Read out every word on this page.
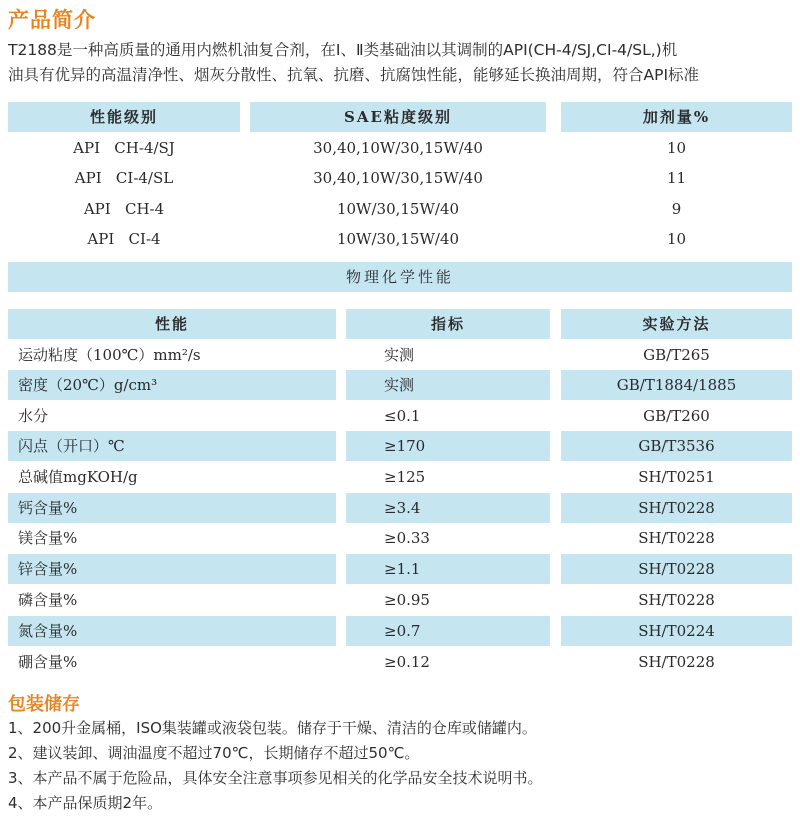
产品简介
T2188是一种高质量的通用内燃机油复合剂，在Ⅰ、Ⅱ类基础油以其调制的API(CH-4/SJ,CI-4/SL,)机
油具有优异的高温清净性、烟灰分散性、抗氧、抗磨、抗腐蚀性能，能够延长换油周期，符合API标准
性能级别	SAE粘度级别	加剂量%
API   CH-4/SJ	30,40,10W/30,15W/40	10
API   CI-4/SL	30,40,10W/30,15W/40	11
API   CH-4	10W/30,15W/40	9
API   CI-4	10W/30,15W/40	10
物理化学性能
性能	指标	实验方法
运动粘度（100℃）mm²/s	实测	GB/T265
密度（20℃）g/cm³	实测	GB/T1884/1885
水分	≤0.1	GB/T260
闪点（开口）℃	≥170	GB/T3536
总碱值mgKOH/g	≥125	SH/T0251
钙含量%	≥3.4	SH/T0228
镁含量%	≥0.33	SH/T0228
锌含量%	≥1.1	SH/T0228
磷含量%	≥0.95	SH/T0228
氮含量%	≥0.7	SH/T0224
硼含量%	≥0.12	SH/T0228
包装储存
1、200升金属桶，ISO集装罐或液袋包装。储存于干燥、清洁的仓库或储罐内。
2、建议装卸、调油温度不超过70℃，长期储存不超过50℃。
3、本产品不属于危险品，具体安全注意事项参见相关的化学品安全技术说明书。
4、本产品保质期2年。
